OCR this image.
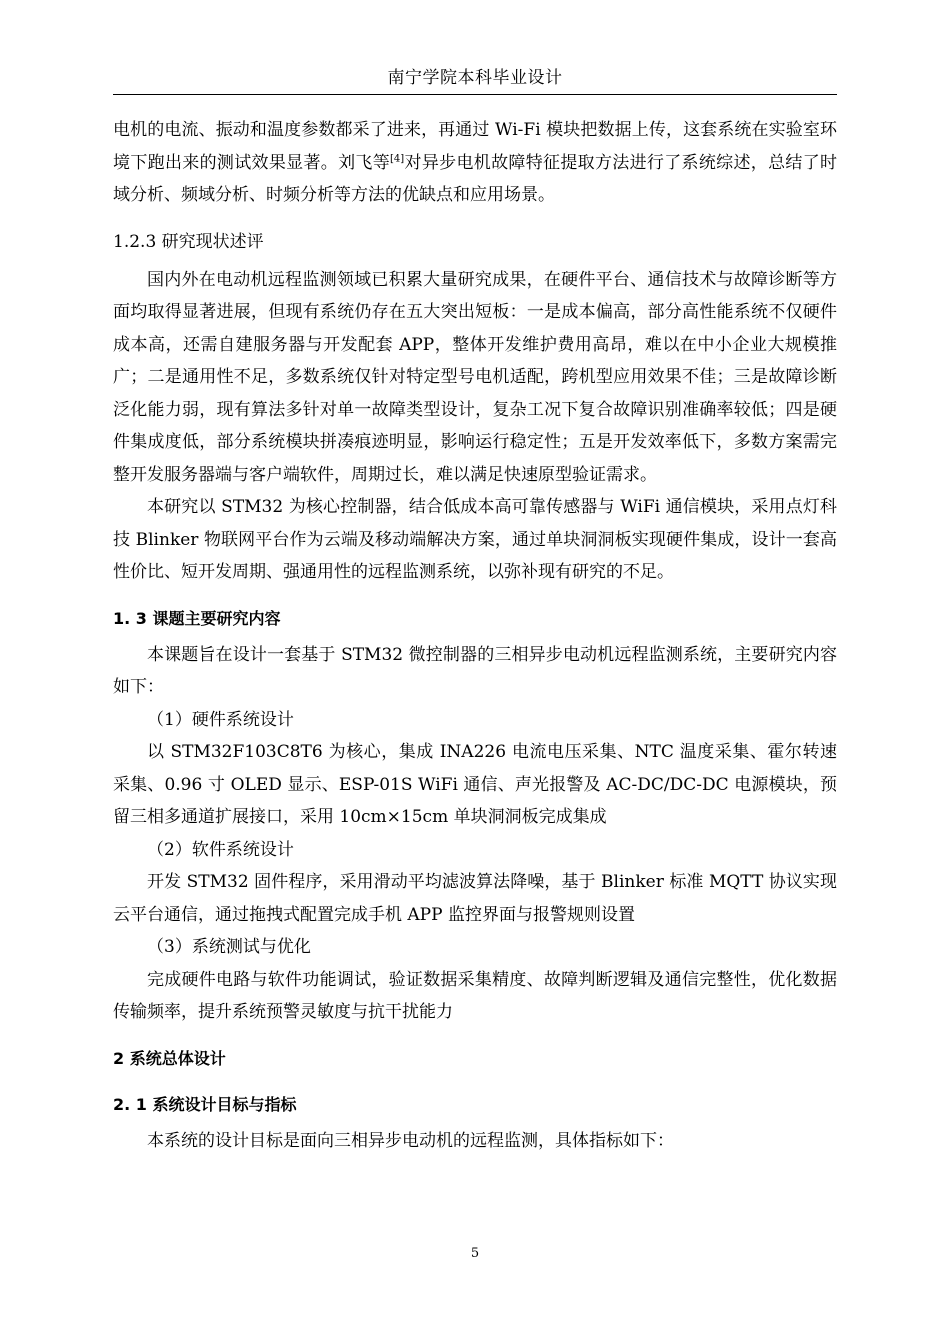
南宁学院本科毕业设计

电机的电流、振动和温度参数都采了进来，再通过 Wi-Fi 模块把数据上传，这套系统在实验室环境下跑出来的测试效果显著。刘飞等[4]对异步电机故障特征提取方法进行了系统综述，总结了时域分析、频域分析、时频分析等方法的优缺点和应用场景。

1.2.3 研究现状述评

国内外在电动机远程监测领域已积累大量研究成果，在硬件平台、通信技术与故障诊断等方面均取得显著进展，但现有系统仍存在五大突出短板：一是成本偏高，部分高性能系统不仅硬件成本高，还需自建服务器与开发配套 APP，整体开发维护费用高昂，难以在中小企业大规模推广；二是通用性不足，多数系统仅针对特定型号电机适配，跨机型应用效果不佳；三是故障诊断泛化能力弱，现有算法多针对单一故障类型设计，复杂工况下复合故障识别准确率较低；四是硬件集成度低，部分系统模块拼凑痕迹明显，影响运行稳定性；五是开发效率低下，多数方案需完整开发服务器端与客户端软件，周期过长，难以满足快速原型验证需求。

本研究以 STM32 为核心控制器，结合低成本高可靠传感器与 WiFi 通信模块，采用点灯科技 Blinker 物联网平台作为云端及移动端解决方案，通过单块洞洞板实现硬件集成，设计一套高性价比、短开发周期、强通用性的远程监测系统，以弥补现有研究的不足。

1. 3 课题主要研究内容

本课题旨在设计一套基于 STM32 微控制器的三相异步电动机远程监测系统，主要研究内容如下：

（1）硬件系统设计

以 STM32F103C8T6 为核心，集成 INA226 电流电压采集、NTC 温度采集、霍尔转速采集、0.96 寸 OLED 显示、ESP-01S WiFi 通信、声光报警及 AC-DC/DC-DC 电源模块，预留三相多通道扩展接口，采用 10cm×15cm 单块洞洞板完成集成

（2）软件系统设计

开发 STM32 固件程序，采用滑动平均滤波算法降噪，基于 Blinker 标准 MQTT 协议实现云平台通信，通过拖拽式配置完成手机 APP 监控界面与报警规则设置

（3）系统测试与优化

完成硬件电路与软件功能调试，验证数据采集精度、故障判断逻辑及通信完整性，优化数据传输频率，提升系统预警灵敏度与抗干扰能力

2 系统总体设计

2. 1 系统设计目标与指标

本系统的设计目标是面向三相异步电动机的远程监测，具体指标如下：

5
